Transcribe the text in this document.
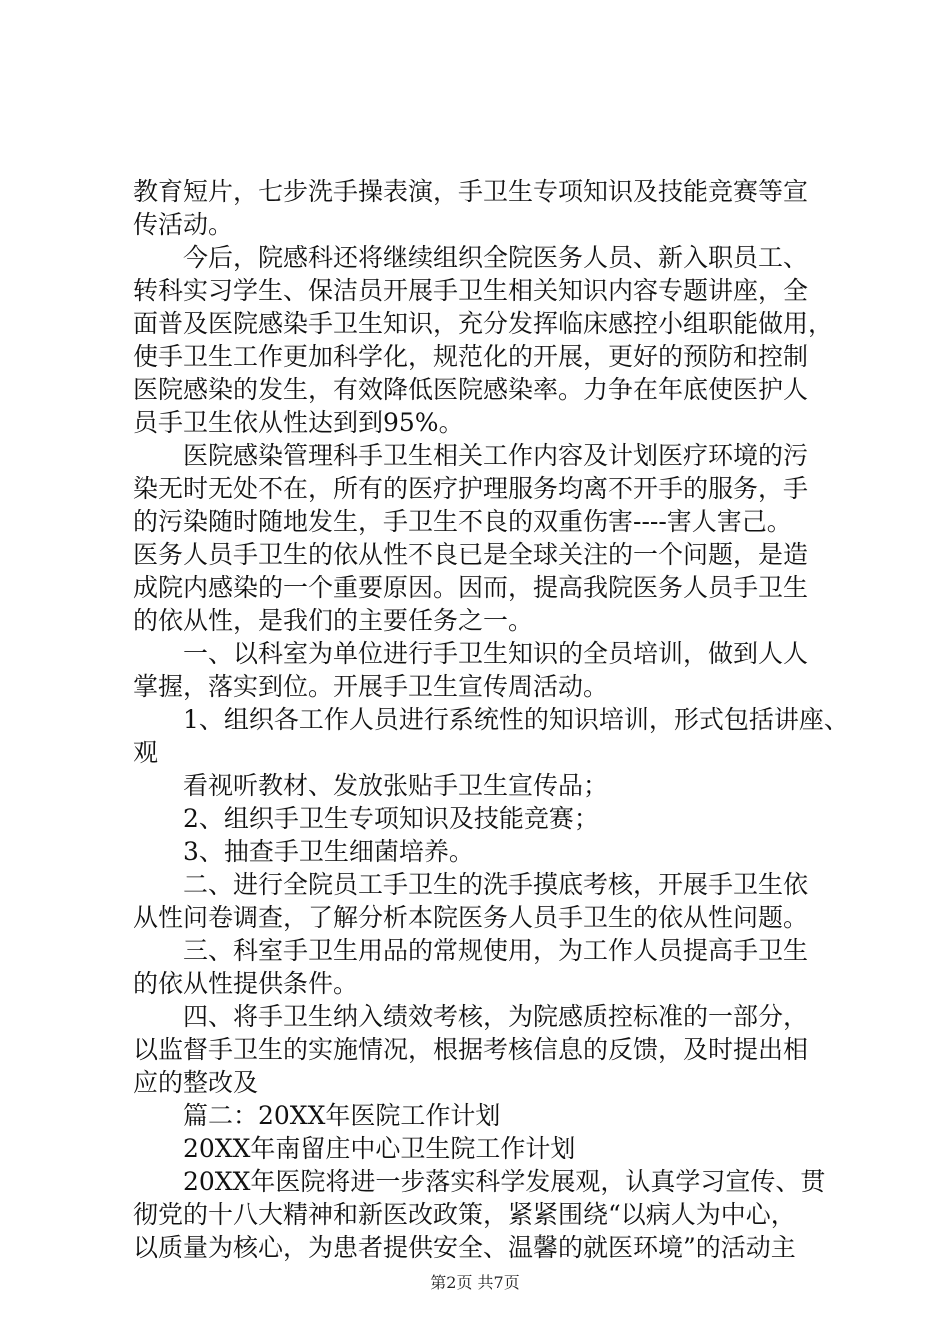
教育短片，七步洗手操表演，手卫生专项知识及技能竞赛等宣

传活动。

　　今后，院感科还将继续组织全院医务人员、新入职员工、

转科实习学生、保洁员开展手卫生相关知识内容专题讲座，全

面普及医院感染手卫生知识，充分发挥临床感控小组职能做用，

使手卫生工作更加科学化，规范化的开展，更好的预防和控制

医院感染的发生，有效降低医院感染率。力争在年底使医护人

员手卫生依从性达到到95%。

　　医院感染管理科手卫生相关工作内容及计划医疗环境的污

染无时无处不在，所有的医疗护理服务均离不开手的服务，手

的污染随时随地发生，手卫生不良的双重伤害----害人害己。

医务人员手卫生的依从性不良已是全球关注的一个问题，是造

成院内感染的一个重要原因。因而，提高我院医务人员手卫生

的依从性，是我们的主要任务之一。

　　一、以科室为单位进行手卫生知识的全员培训，做到人人

掌握，落实到位。开展手卫生宣传周活动。

　　1、组织各工作人员进行系统性的知识培训，形式包括讲座、

观

　　看视听教材、发放张贴手卫生宣传品；

　　2、组织手卫生专项知识及技能竞赛；

　　3、抽查手卫生细菌培养。

　　二、进行全院员工手卫生的洗手摸底考核，开展手卫生依

从性问卷调查，了解分析本院医务人员手卫生的依从性问题。

　　三、科室手卫生用品的常规使用，为工作人员提高手卫生

的依从性提供条件。

　　四、将手卫生纳入绩效考核，为院感质控标准的一部分，

以监督手卫生的实施情况，根据考核信息的反馈，及时提出相

应的整改及

　　篇二：20XX年医院工作计划

　　20XX年南留庄中心卫生院工作计划

　　20XX年医院将进一步落实科学发展观，认真学习宣传、贯

彻党的十八大精神和新医改政策，紧紧围绕“以病人为中心，

以质量为核心，为患者提供安全、温馨的就医环境”的活动主

第2页 共7页
